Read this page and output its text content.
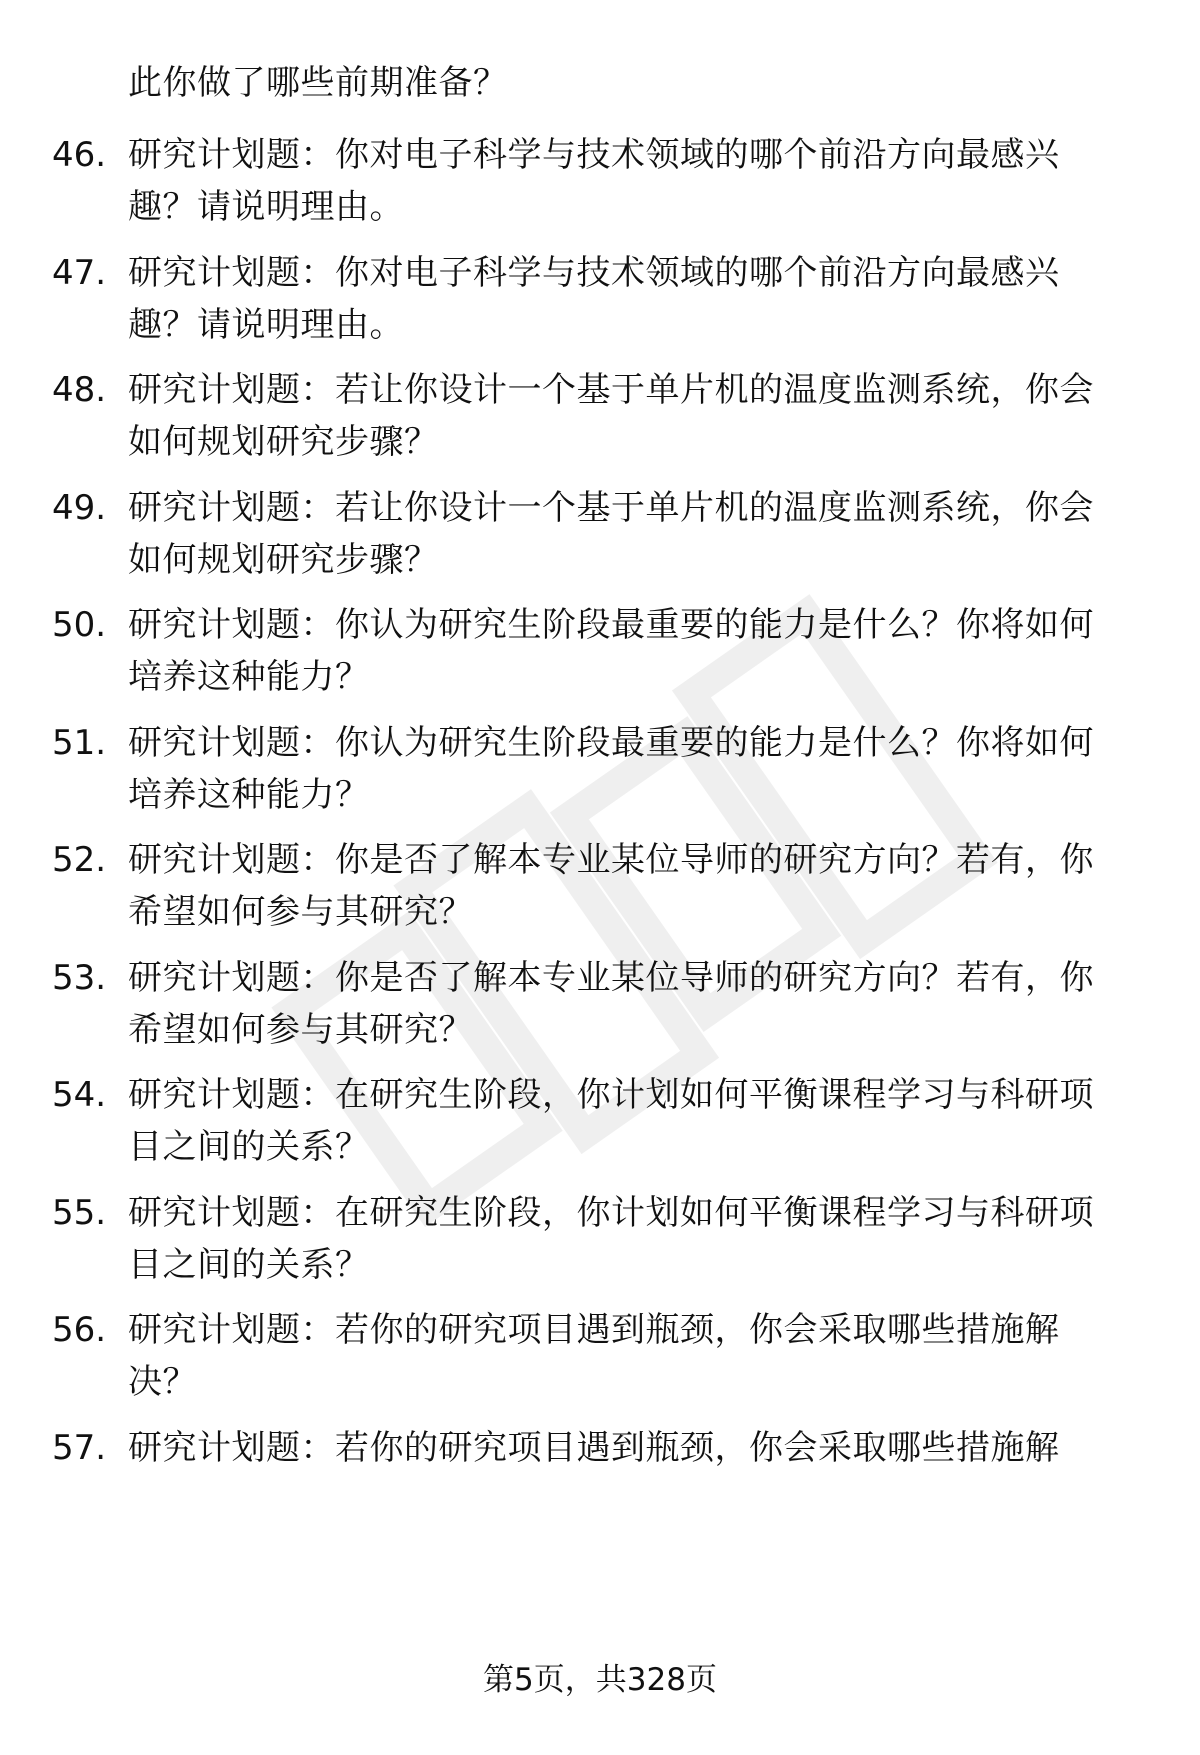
此你做了哪些前期准备？
46. 研究计划题：你对电子科学与技术领域的哪个前沿方向最感兴
趣？请说明理由。
47. 研究计划题：你对电子科学与技术领域的哪个前沿方向最感兴
趣？请说明理由。
48. 研究计划题：若让你设计一个基于单片机的温度监测系统，你会
如何规划研究步骤？
49. 研究计划题：若让你设计一个基于单片机的温度监测系统，你会
如何规划研究步骤？
50. 研究计划题：你认为研究生阶段最重要的能力是什么？你将如何
培养这种能力？
51. 研究计划题：你认为研究生阶段最重要的能力是什么？你将如何
培养这种能力？
52. 研究计划题：你是否了解本专业某位导师的研究方向？若有，你
希望如何参与其研究？
53. 研究计划题：你是否了解本专业某位导师的研究方向？若有，你
希望如何参与其研究？
54. 研究计划题：在研究生阶段，你计划如何平衡课程学习与科研项
目之间的关系？
55. 研究计划题：在研究生阶段，你计划如何平衡课程学习与科研项
目之间的关系？
56. 研究计划题：若你的研究项目遇到瓶颈，你会采取哪些措施解
决？
57. 研究计划题：若你的研究项目遇到瓶颈，你会采取哪些措施解
第5页，共328页
